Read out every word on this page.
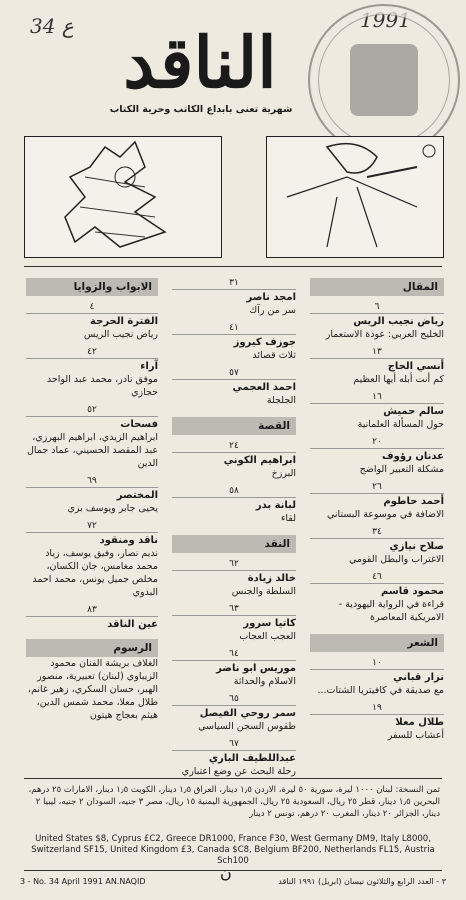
34 ع	1991
الناقد
شهرية تعنى بابداع الكاتب وحرية الكتاب
المقال
٦
رياض نجيب الريس
الخليج العربي: عودة الاستعمار
١٣
أنسي الحاج
كم أنت أبله أيها العظيم
١٦
سالم حميش
حول المسألة العلمانية
٢٠
عدنان رؤوف
مشكلة التعبير الواضح
٢٦
أحمد حاطوم
الاضافة في موسوعة البستاني
٣٤
صلاح نيازي
الاغتراب والبطل القومي
٤٦
محمود قاسم
قراءة في الرواية اليهودية - الامريكية المعاصرة
الشعر
١٠
نزار قباني
مع صديقة في كافيتريا الشتات...
١٩
طلال معلا
أعشاب للسفر
٣١
امجد ناصر
سر من رآك
٤١
جوزف كيروز
ثلاث قصائد
٥٧
احمد العجمي
الجلجلة
القصة
٢٤
ابراهيم الكوني
البرزخ
٥٨
لبانة بدر
لقاء
النقد
٦٢
خالد زيادة
السلطة والجنس
٦٣
كاتيا سرور
العجب العجاب
٦٤
موريس ابو ناضر
الاسلام والحداثة
٦٥
سمر روحي الفيصل
طقوس السجن السياسي
٦٧
عبداللطيف الباري
رحلة البحث عن وضع اعتباري
الابواب والزوايا
٤
الفترة الحرجة
رياض نجيب الريس
٤٢
آراء
موفق نادر، محمد عبد الواحد حجازي
٥٢
فسحات
ابراهيم الزيدي، ابراهيم البهرزي، عبد المقصد الحسيني، عماد جمال الدين
٦٩
المختصر
يحيى جابر ويوسف بزي
٧٢
ناقد ومنقود
نديم نصار، وفيق يوسف، زياد محمد مغامس، جان الكسان، مخلص جميل يونس، محمد احمد البدوي
٨٣
عين الناقد
الرسوم
الغلاف بريشة الفنان محمود الزيباوي (لبنان) تعبيرية، منصور الهبر، حسان السكري، زهير غانم، طلال معلا، محمد شمس الدين، هيثم بعجاج هيتون
ثمن النسخة: لبنان ١٠٠٠ ليرة، سورية ٥٠ ليرة، الاردن ١٫٥ دينار، العراق ١٫٥ دينار، الكويت ١٫٥ دينار، الامارات ٢٥ درهم، البحرين ١٫٥ دينار، قطر ٢٥ ريال، السعودية ٢٥ ريال، الجمهورية اليمنية ١٥ ريال، مصر ٣ جنيه، السودان ٢ جنيه، ليبيا ٢ دينار، الجزائر ٢٠ دينار، المغرب ٢٠ درهم، تونس ٢ دينار
United States $8, Cyprus £C2, Greece DR1000, France F30, West Germany DM9, Italy L8000, Switzerland SF15, United Kingdom £3, Canada $C8, Belgium BF200, Netherlands FL15, Austria Sch100
3 - No. 34 April 1991 AN.NAQID	ن	٣ - العدد الرابع والثلاثون نيسان (ابريل) ١٩٩١ الناقد
